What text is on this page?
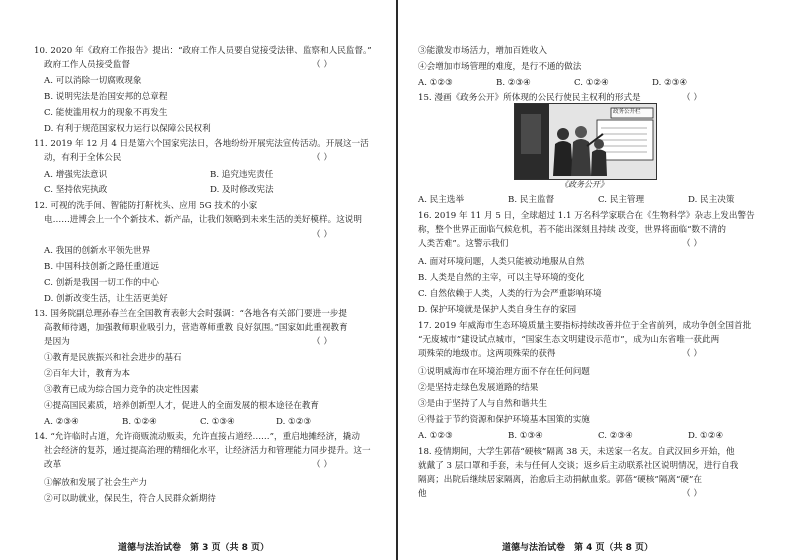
10. 2020 年《政府工作报告》提出：“政府工作人员要自觉接受法律、监察和人民监督。”
政府工作人员接受监督	（ ）
A. 可以消除一切腐败现象
B. 说明宪法是治国安邦的总章程
C. 能使滥用权力的现象不再发生
D. 有利于规范国家权力运行以保障公民权利
11. 2019 年 12 月 4 日是第六个国家宪法日，各地纷纷开展宪法宣传活动。开展这一活
动，有利于全体公民	（ ）
A. 增强宪法意识	B. 追究违宪责任
C. 坚持依宪执政	D. 及时修改宪法
12. 可视的洗手间、智能防打鼾枕头、应用 5G 技术的小家
电……进博会上一个个新技术、新产品，让我们领略到未来生活的美好模样。这说明
（ ）
A. 我国的创新水平领先世界
B. 中国科技创新之路任重道远
C. 创新是我国一切工作的中心
D. 创新改变生活，让生活更美好
13. 国务院副总理孙春兰在全国教育表彰大会时强调：“各地各有关部门要进一步提
高教师待遇，加强教师职业吸引力，营造尊师重教 良好氛围。”国家如此重视教育
是因为	（ ）
①教育是民族振兴和社会进步的基石
②百年大计，教育为本
③教育已成为综合国力竞争的决定性因素
④提高国民素质，培养创新型人才，促进人的全面发展的根本途径在教育
A. ②③④	B. ①②④	C. ①③④	D. ①②③
14. “允许临时占道，允许商贩流动贩卖，允许直接占道经……”，重启地摊经济，撬动
社会经济的复苏，通过提高治理的精细化水平，让经济活力和管理能力同步提升。这一
改革	（ ）
①解放和发展了社会生产力
②可以助就业，保民生，符合人民群众新期待
道德与法治试卷　第 3 页（共 8 页）
③能激发市场活力，增加百姓收入
④会增加市场管理的难度，是行不通的做法
A. ①②③	B. ②③④	C. ①②④	D. ②③④
15. 漫画《政务公开》所体现的公民行使民主权利的形式是	（ ）
政务公开栏
《政务公开》
A. 民主选举	B. 民主监督	C. 民主管理	D. 民主决策
16. 2019 年 11 月 5 日，全球超过 1.1 万名科学家联合在《生物科学》杂志上发出警告
称，整个世界正面临气候危机，若不能出深刻且持续 改变，世界将面临“数不清的
人类苦难”。这警示我们	（ ）
A. 面对环境问题，人类只能被动地服从自然
B. 人类是自然的主宰，可以主导环境的变化
C. 自然依赖于人类，人类的行为会严重影响环境
D. 保护环境就是保护人类自身生存的家园
17. 2019 年威海市生态环境质量主要指标持续改善并位于全省前列，成功争创全国首批
“无废城市”建设试点城市，“国家生态文明建设示范市”，成为山东省唯一获此两
项殊荣的地级市。这两项殊荣的获得	（ ）
①说明威海市在环境治理方面不存在任何问题
②是坚持走绿色发展道路的结果
③是由于坚持了人与自然和谐共生
④得益于节约资源和保护环境基本国策的实施
A. ①②③	B. ①③④	C. ②③④	D. ①②④
18. 疫情期间，大学生郭蓓“硬核”隔离 38 天，未送家一名友。自武汉回乡开始，他
就戴了 3 层口罩和手套，未与任何人交谈；返乡后主动联系社区说明情况，进行自我
隔离；出院后继续居家隔离，治愈后主动捐献血浆。郭蓓“硬核”隔离“硬”在
他	（ ）
道德与法治试卷　第 4 页（共 8 页）
